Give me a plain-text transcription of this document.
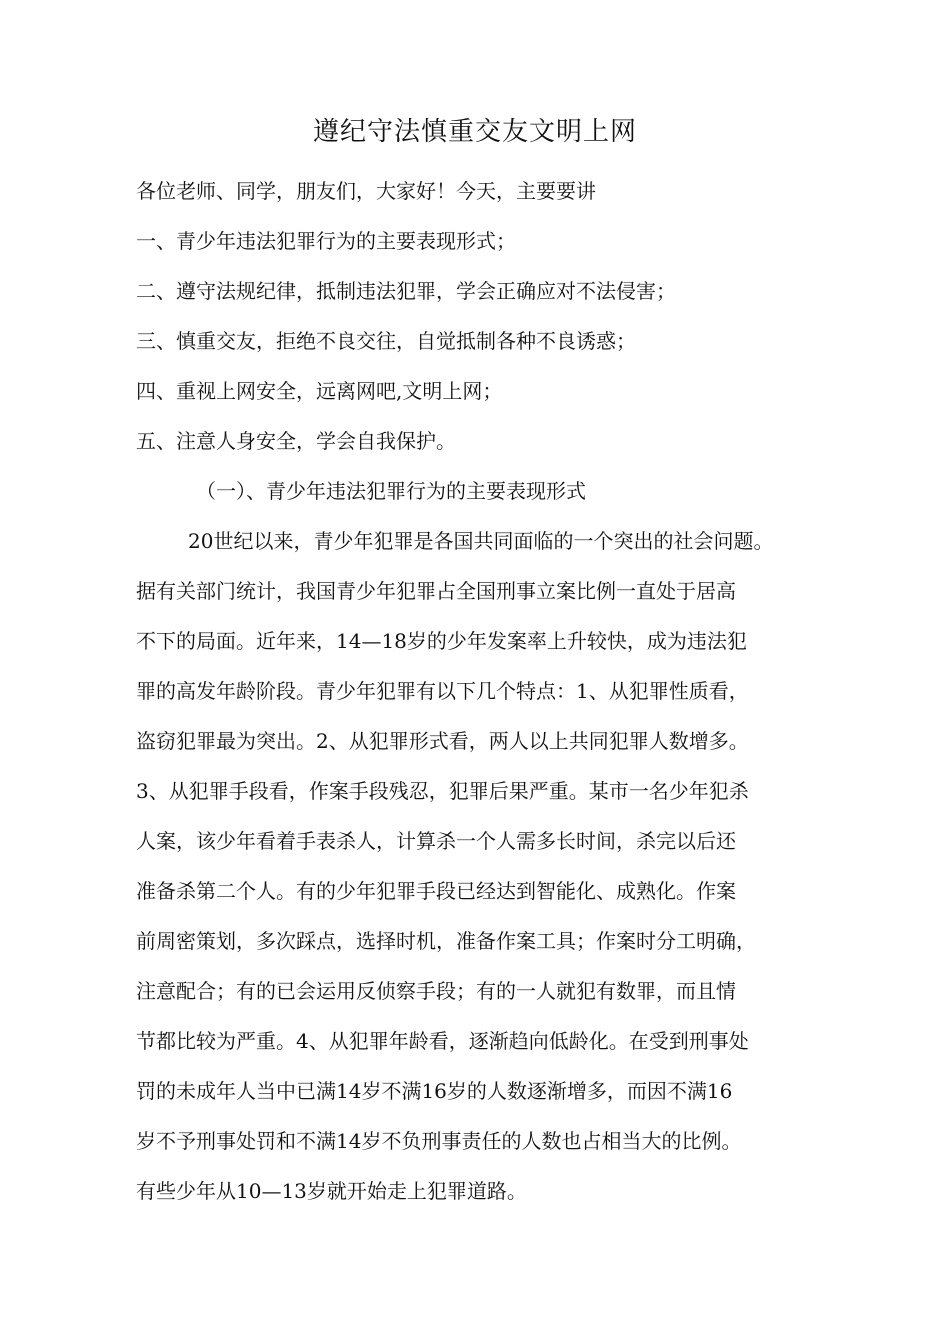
遵纪守法慎重交友文明上网
各位老师、同学，朋友们，大家好！今天，主要要讲
一、青少年违法犯罪行为的主要表现形式；
二、遵守法规纪律，抵制违法犯罪，学会正确应对不法侵害；
三、慎重交友，拒绝不良交往，自觉抵制各种不良诱惑；
四、重视上网安全，远离网吧,文明上网；
五、注意人身安全，学会自我保护。
（一）、青少年违法犯罪行为的主要表现形式
20世纪以来，青少年犯罪是各国共同面临的一个突出的社会问题。
据有关部门统计，我国青少年犯罪占全国刑事立案比例一直处于居高
不下的局面。近年来，14—18岁的少年发案率上升较快，成为违法犯
罪的高发年龄阶段。青少年犯罪有以下几个特点：1、从犯罪性质看，
盗窃犯罪最为突出。2、从犯罪形式看，两人以上共同犯罪人数增多。
3、从犯罪手段看，作案手段残忍，犯罪后果严重。某市一名少年犯杀
人案，该少年看着手表杀人，计算杀一个人需多长时间，杀完以后还
准备杀第二个人。有的少年犯罪手段已经达到智能化、成熟化。作案
前周密策划，多次踩点，选择时机，准备作案工具；作案时分工明确，
注意配合；有的已会运用反侦察手段；有的一人就犯有数罪，而且情
节都比较为严重。4、从犯罪年龄看，逐渐趋向低龄化。在受到刑事处
罚的未成年人当中已满14岁不满16岁的人数逐渐增多，而因不满16
岁不予刑事处罚和不满14岁不负刑事责任的人数也占相当大的比例。
有些少年从10—13岁就开始走上犯罪道路。
